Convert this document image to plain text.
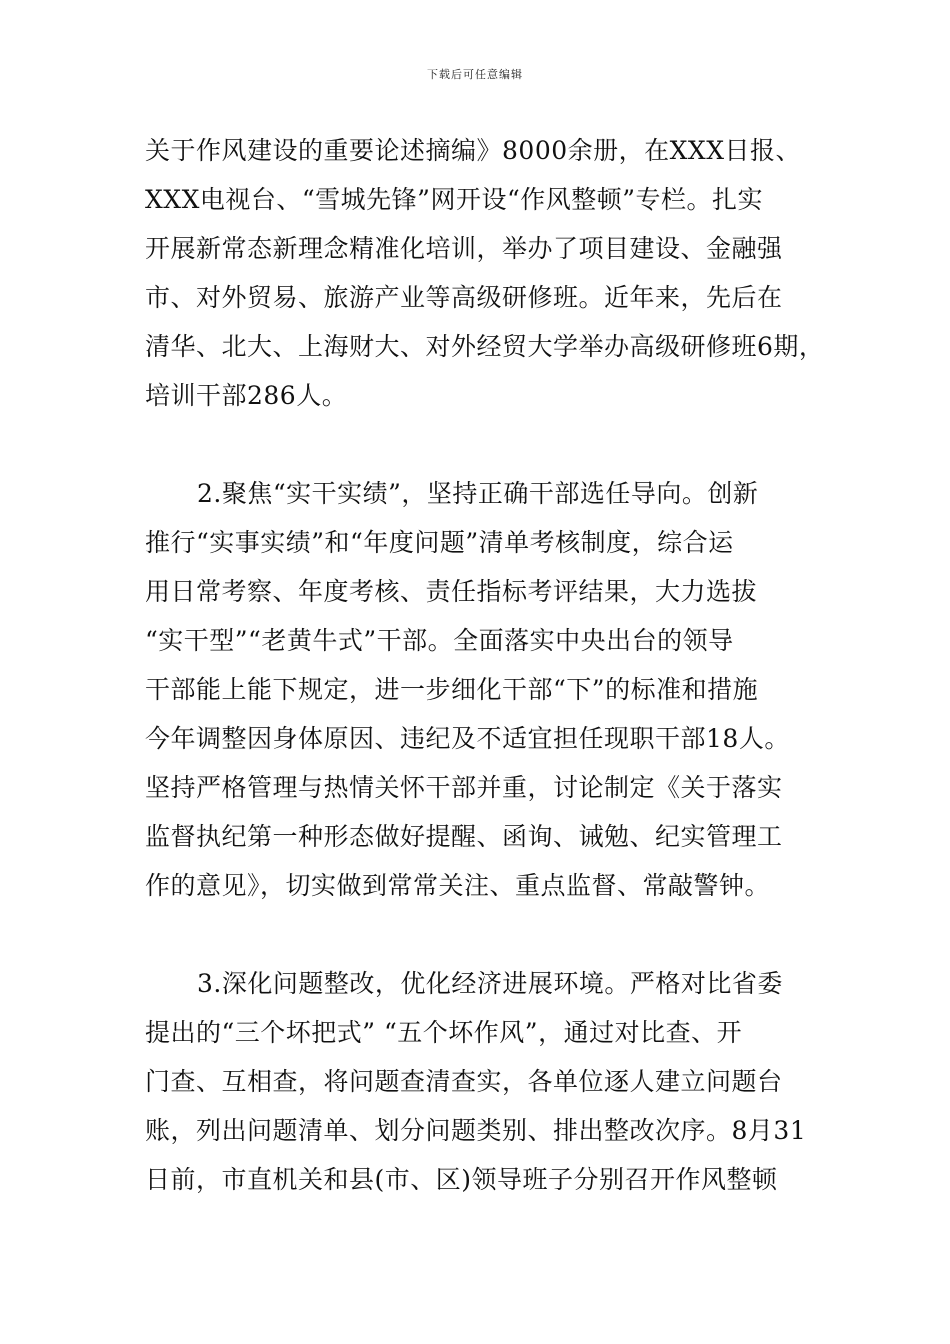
下载后可任意编辑
关于作风建设的重要论述摘编》8000余册，在XXX日报、
XXX电视台、“雪城先锋”网开设“作风整顿”专栏。扎实
开展新常态新理念精准化培训，举办了项目建设、金融强
市、对外贸易、旅游产业等高级研修班。近年来，先后在
清华、北大、上海财大、对外经贸大学举办高级研修班6期，
培训干部286人。
2.聚焦“实干实绩”，坚持正确干部选任导向。创新
推行“实事实绩”和“年度问题”清单考核制度，综合运
用日常考察、年度考核、责任指标考评结果，大力选拔
“实干型”“老黄牛式”干部。全面落实中央出台的领导
干部能上能下规定，进一步细化干部“下”的标准和措施
今年调整因身体原因、违纪及不适宜担任现职干部18人。
坚持严格管理与热情关怀干部并重，讨论制定《关于落实
监督执纪第一种形态做好提醒、函询、诫勉、纪实管理工
作的意见》，切实做到常常关注、重点监督、常敲警钟。
3.深化问题整改，优化经济进展环境。严格对比省委
提出的“三个坏把式” “五个坏作风”，通过对比查、开
门查、互相查，将问题查清查实，各单位逐人建立问题台
账，列出问题清单、划分问题类别、排出整改次序。8月31
日前，市直机关和县(市、区)领导班子分别召开作风整顿
